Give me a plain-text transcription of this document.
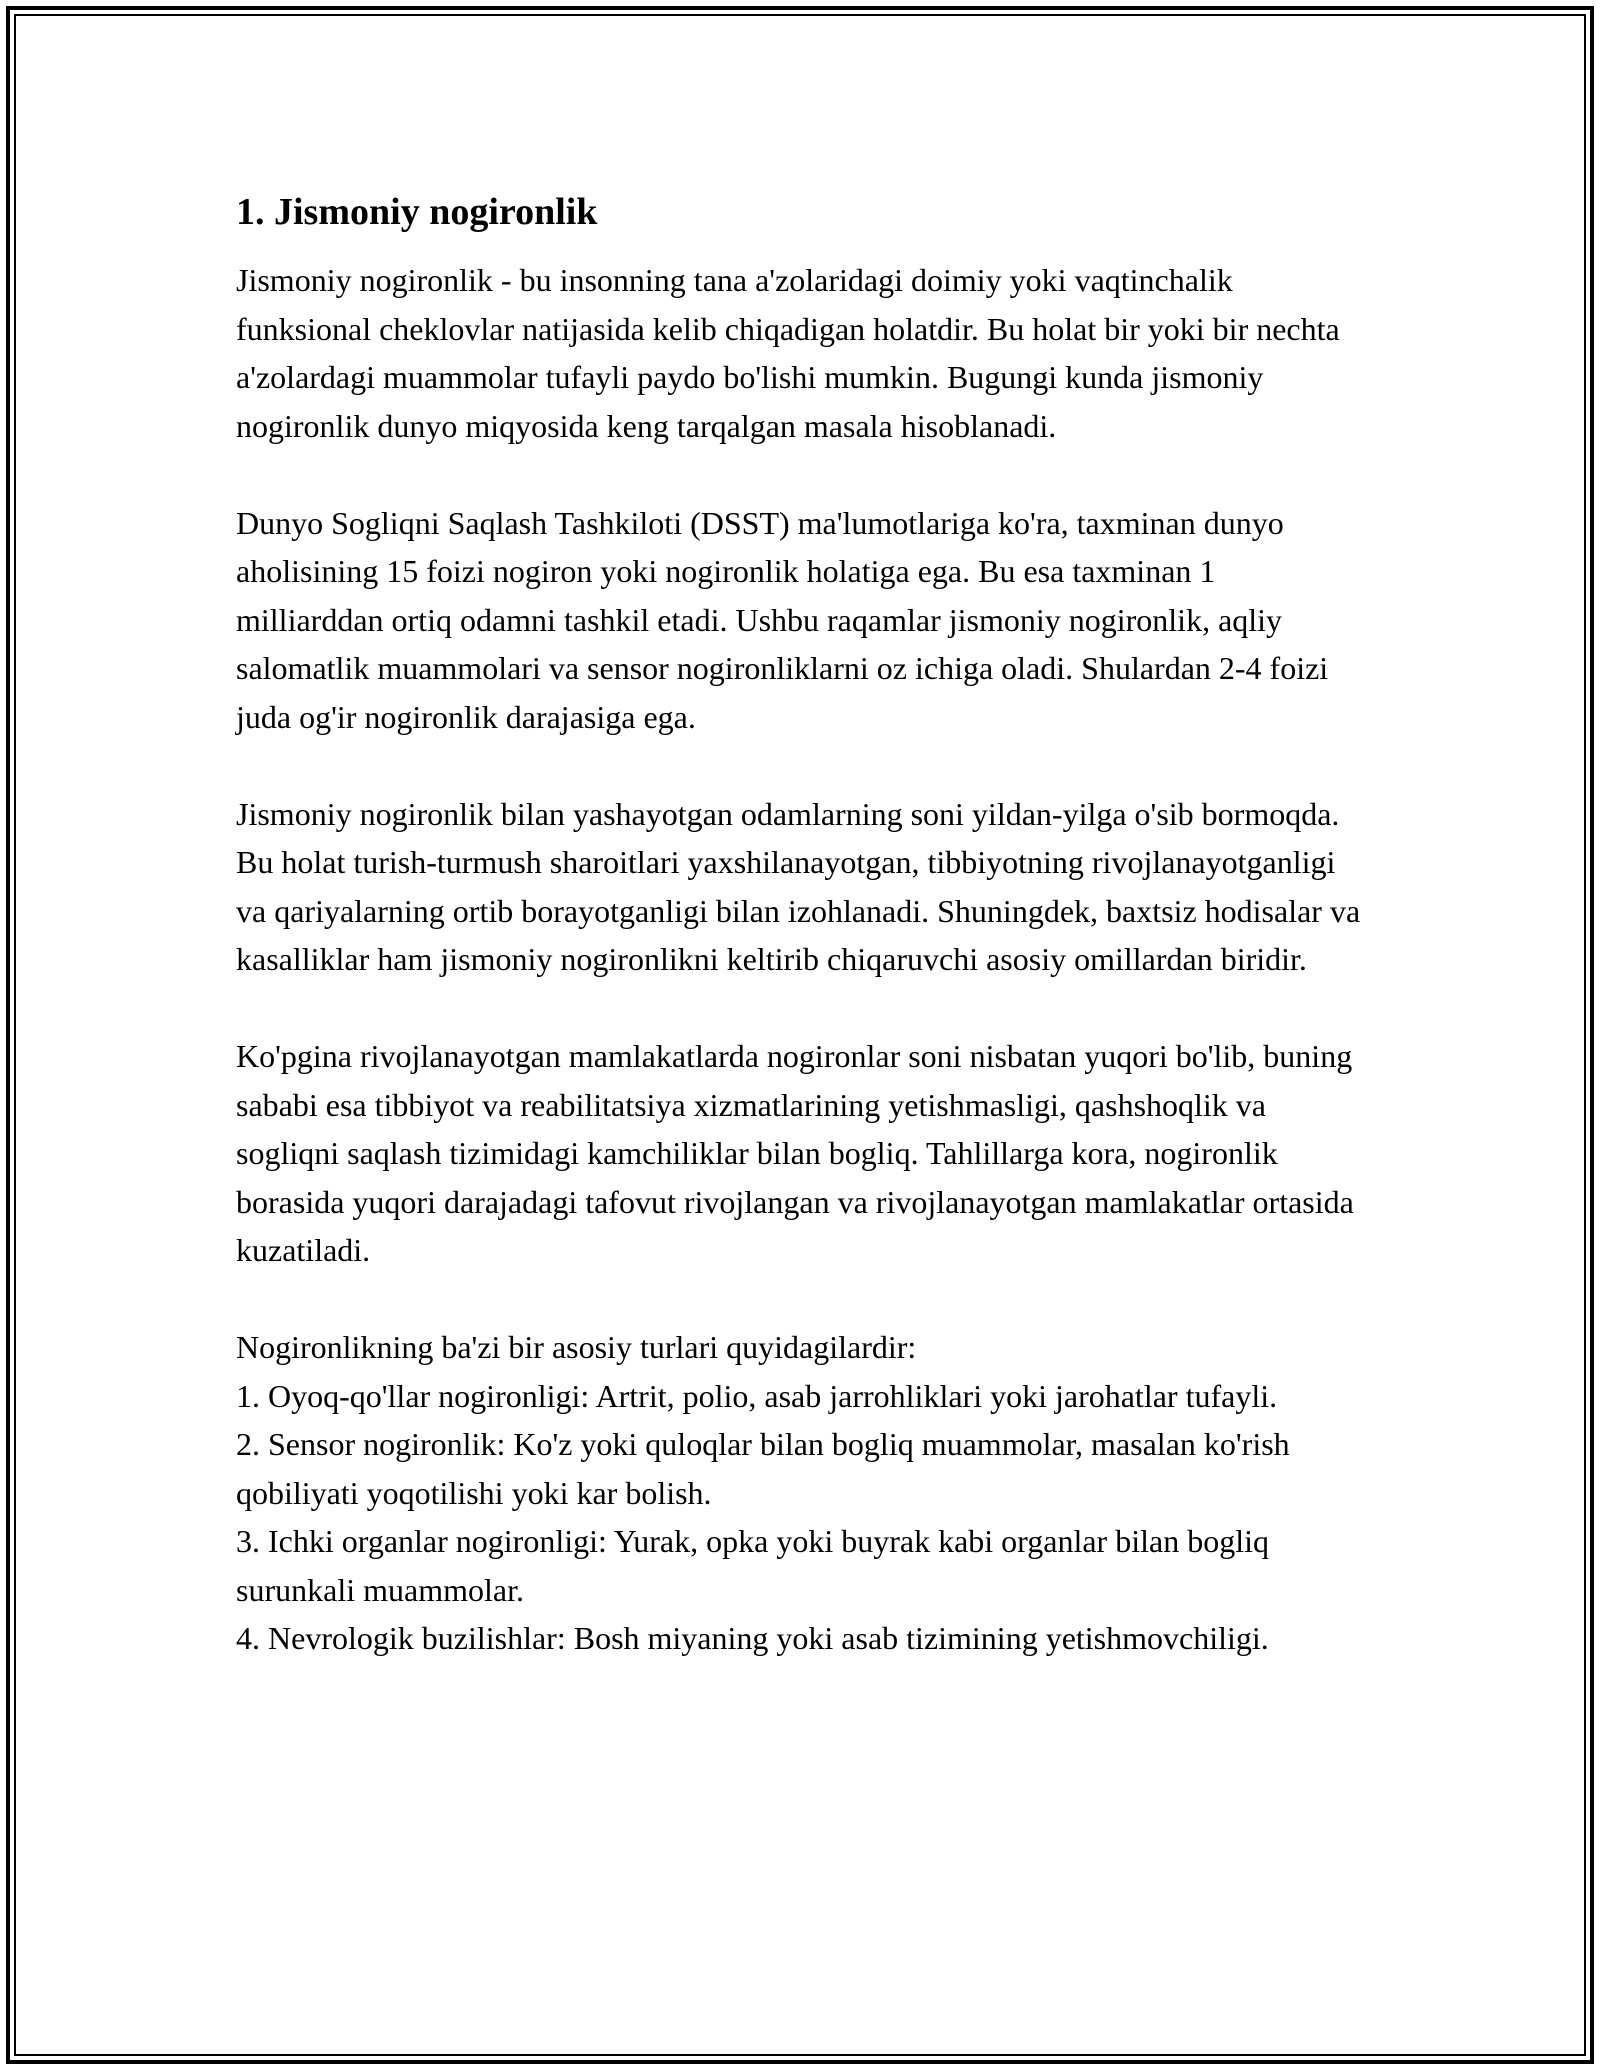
1. Jismoniy nogironlik

Jismoniy nogironlik - bu insonning tana a'zolaridagi doimiy yoki vaqtinchalik funksional cheklovlar natijasida kelib chiqadigan holatdir. Bu holat bir yoki bir nechta a'zolardagi muammolar tufayli paydo bo'lishi mumkin. Bugungi kunda jismoniy nogironlik dunyo miqyosida keng tarqalgan masala hisoblanadi.

Dunyo Sogliqni Saqlash Tashkiloti (DSST) ma'lumotlariga ko'ra, taxminan dunyo aholisining 15 foizi nogiron yoki nogironlik holatiga ega. Bu esa taxminan 1 milliarddan ortiq odamni tashkil etadi. Ushbu raqamlar jismoniy nogironlik, aqliy salomatlik muammolari va sensor nogironliklarni oz ichiga oladi. Shulardan 2-4 foizi juda og'ir nogironlik darajasiga ega.

Jismoniy nogironlik bilan yashayotgan odamlarning soni yildan-yilga o'sib bormoqda. Bu holat turish-turmush sharoitlari yaxshilanayotgan, tibbiyotning rivojlanayotganligi va qariyalarning ortib borayotganligi bilan izohlanadi. Shuningdek, baxtsiz hodisalar va kasalliklar ham jismoniy nogironlikni keltirib chiqaruvchi asosiy omillardan biridir.

Ko'pgina rivojlanayotgan mamlakatlarda nogironlar soni nisbatan yuqori bo'lib, buning sababi esa tibbiyot va reabilitatsiya xizmatlarining yetishmasligi, qashshoqlik va sogliqni saqlash tizimidagi kamchiliklar bilan bogliq. Tahlillarga kora, nogironlik borasida yuqori darajadagi tafovut rivojlangan va rivojlanayotgan mamlakatlar ortasida kuzatiladi.

Nogironlikning ba'zi bir asosiy turlari quyidagilardir:
1. Oyoq-qo'llar nogironligi: Artrit, polio, asab jarrohliklari yoki jarohatlar tufayli.
2. Sensor nogironlik: Ko'z yoki quloqlar bilan bogliq muammolar, masalan ko'rish qobiliyati yoqotilishi yoki kar bolish.
3. Ichki organlar nogironligi: Yurak, opka yoki buyrak kabi organlar bilan bogliq surunkali muammolar.
4. Nevrologik buzilishlar: Bosh miyaning yoki asab tizimining yetishmovchiligi.
